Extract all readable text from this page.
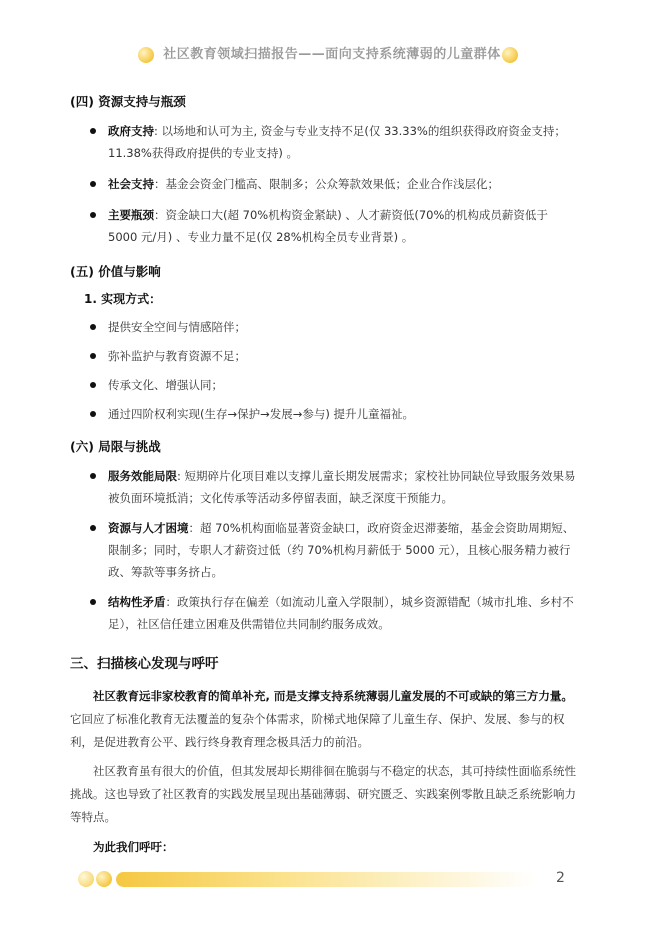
社区教育领域扫描报告——面向支持系统薄弱的儿童群体
(四) 资源支持与瓶颈
政府支持: 以场地和认可为主, 资金与专业支持不足(仅 33.33%的组织获得政府资金支持；11.38%获得政府提供的专业支持) 。
社会支持：基金会资金门槛高、限制多；公众筹款效果低；企业合作浅层化；
主要瓶颈：资金缺口大(超 70%机构资金紧缺) 、人才薪资低(70%的机构成员薪资低于 5000 元/月) 、专业力量不足(仅 28%机构全员专业背景) 。
(五) 价值与影响
1. 实现方式：
提供安全空间与情感陪伴；
弥补监护与教育资源不足；
传承文化、增强认同；
通过四阶权利实现(生存→保护→发展→参与) 提升儿童福祉。
(六) 局限与挑战
服务效能局限: 短期碎片化项目难以支撑儿童长期发展需求；家校社协同缺位导致服务效果易被负面环境抵消；文化传承等活动多停留表面，缺乏深度干预能力。
资源与人才困境：超 70%机构面临显著资金缺口，政府资金迟滞萎缩，基金会资助周期短、限制多；同时，专职人才薪资过低（约 70%机构月薪低于 5000 元），且核心服务精力被行政、筹款等事务挤占。
结构性矛盾：政策执行存在偏差（如流动儿童入学限制），城乡资源错配（城市扎堆、乡村不足），社区信任建立困难及供需错位共同制约服务成效。
三、扫描核心发现与呼吁
社区教育远非家校教育的简单补充, 而是支撑支持系统薄弱儿童发展的不可或缺的第三方力量。它回应了标准化教育无法覆盖的复杂个体需求，阶梯式地保障了儿童生存、保护、发展、参与的权利，是促进教育公平、践行终身教育理念极具活力的前沿。
社区教育虽有很大的价值，但其发展却长期徘徊在脆弱与不稳定的状态，其可持续性面临系统性挑战。这也导致了社区教育的实践发展呈现出基础薄弱、研究匮乏、实践案例零散且缺乏系统影响力等特点。
为此我们呼吁：
2
